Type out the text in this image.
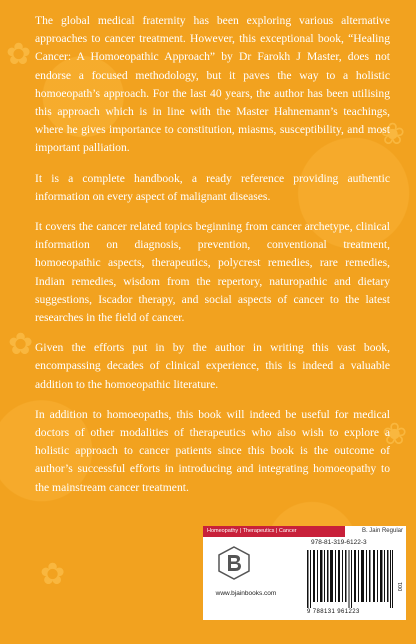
✿
❀
✿
❀
✿

The global medical fraternity has been exploring various alternative approaches to cancer treatment. However, this exceptional book, “Healing Cancer: A Homoeopathic Approach” by Dr Farokh J Master, does not endorse a focused methodology, but it paves the way to a holistic homoeopath’s approach. For the last 40 years, the author has been utilising this approach which is in line with the Master Hahnemann’s teachings, where he gives importance to constitution, miasms, susceptibility, and most important palliation.

It is a complete handbook, a ready reference providing authentic information on every aspect of malignant diseases.

It covers the cancer related topics beginning from cancer archetype, clinical information on diagnosis, prevention, conventional treatment, homoeopathic aspects, therapeutics, polycrest remedies, rare remedies, Indian remedies, wisdom from the repertory, naturopathic and dietary suggestions, Iscador therapy, and social aspects of cancer to the latest researches in the field of cancer.

Given the efforts put in by the author in writing this vast book, encompassing decades of clinical experience, this is indeed a valuable addition to the homoeopathic literature.

In addition to homoeopaths, this book will indeed be useful for medical doctors of other modalities of therapeutics who also wish to explore a holistic approach to cancer patients since this book is the outcome of author’s successful efforts in introducing and integrating homoeopathy to the mainstream cancer treatment.

Homeopathy | Therapeutics | Cancer	B. Jain Regular
www.bjainbooks.com
978-81-319-6122-3
9 788131 961223
001
